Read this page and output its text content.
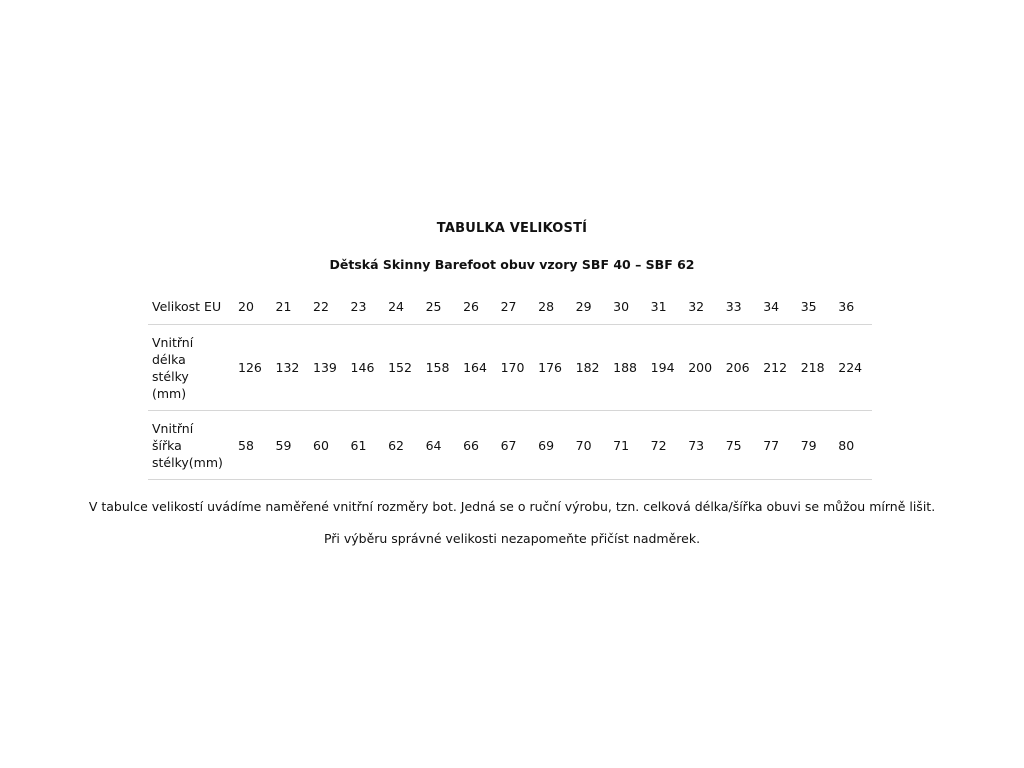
TABULKA VELIKOSTÍ
Dětská Skinny Barefoot obuv vzory SBF 40 – SBF 62
Velikost EU	20	21	22	23	24	25	26	27	28	29	30	31	32	33	34	35	36

Vnitřní
délka
stélky
(mm)	126	132	139	146	152	158	164	170	176	182	188	194	200	206	212	218	224

Vnitřní
šířka
stélky(mm)	58	59	60	61	62	64	66	67	69	70	71	72	73	75	77	79	80
V tabulce velikostí uvádíme naměřené vnitřní rozměry bot. Jedná se o ruční výrobu, tzn. celková délka/šířka obuvi se můžou mírně lišit.
Při výběru správné velikosti nezapomeňte přičíst nadměrek.
